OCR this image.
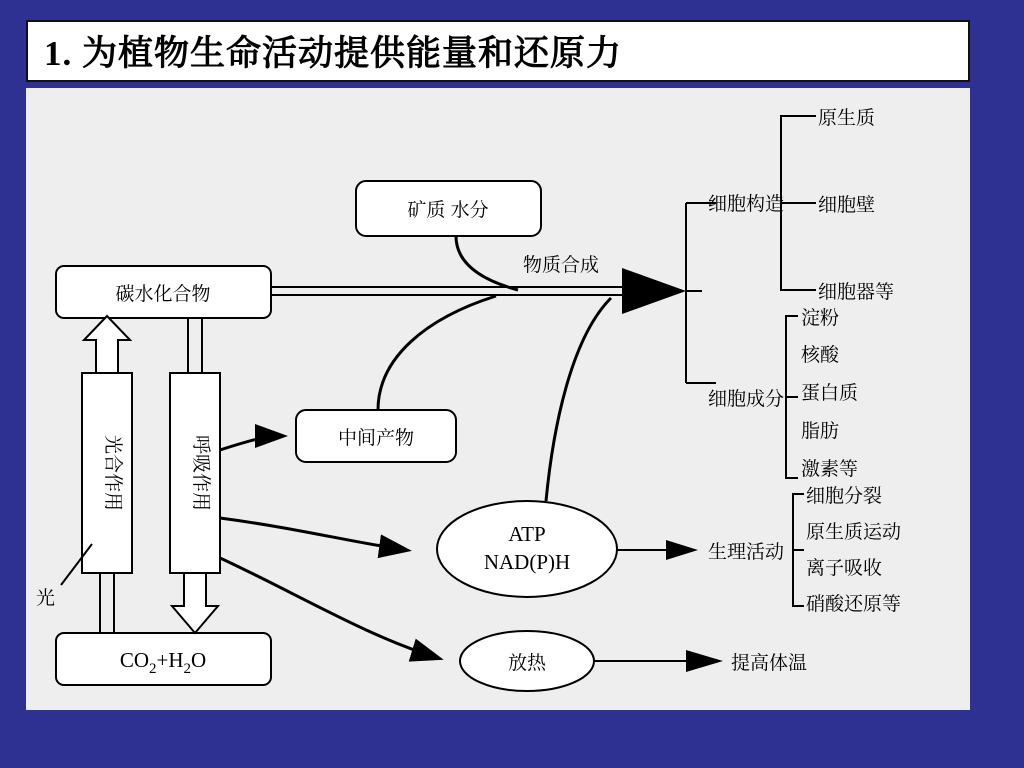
1. 为植物生命活动提供能量和还原力
矿质 水分
碳水化合物
光合作用	呼吸作用
光
$CO_2+H_2O$
中间产物
ATP
NAD(P)H
放热
物质合成
细胞构造
原生质
细胞壁
细胞器等
细胞成分
淀粉
核酸
蛋白质
脂肪
激素等
生理活动
细胞分裂
原生质运动
离子吸收
硝酸还原等
提高体温
